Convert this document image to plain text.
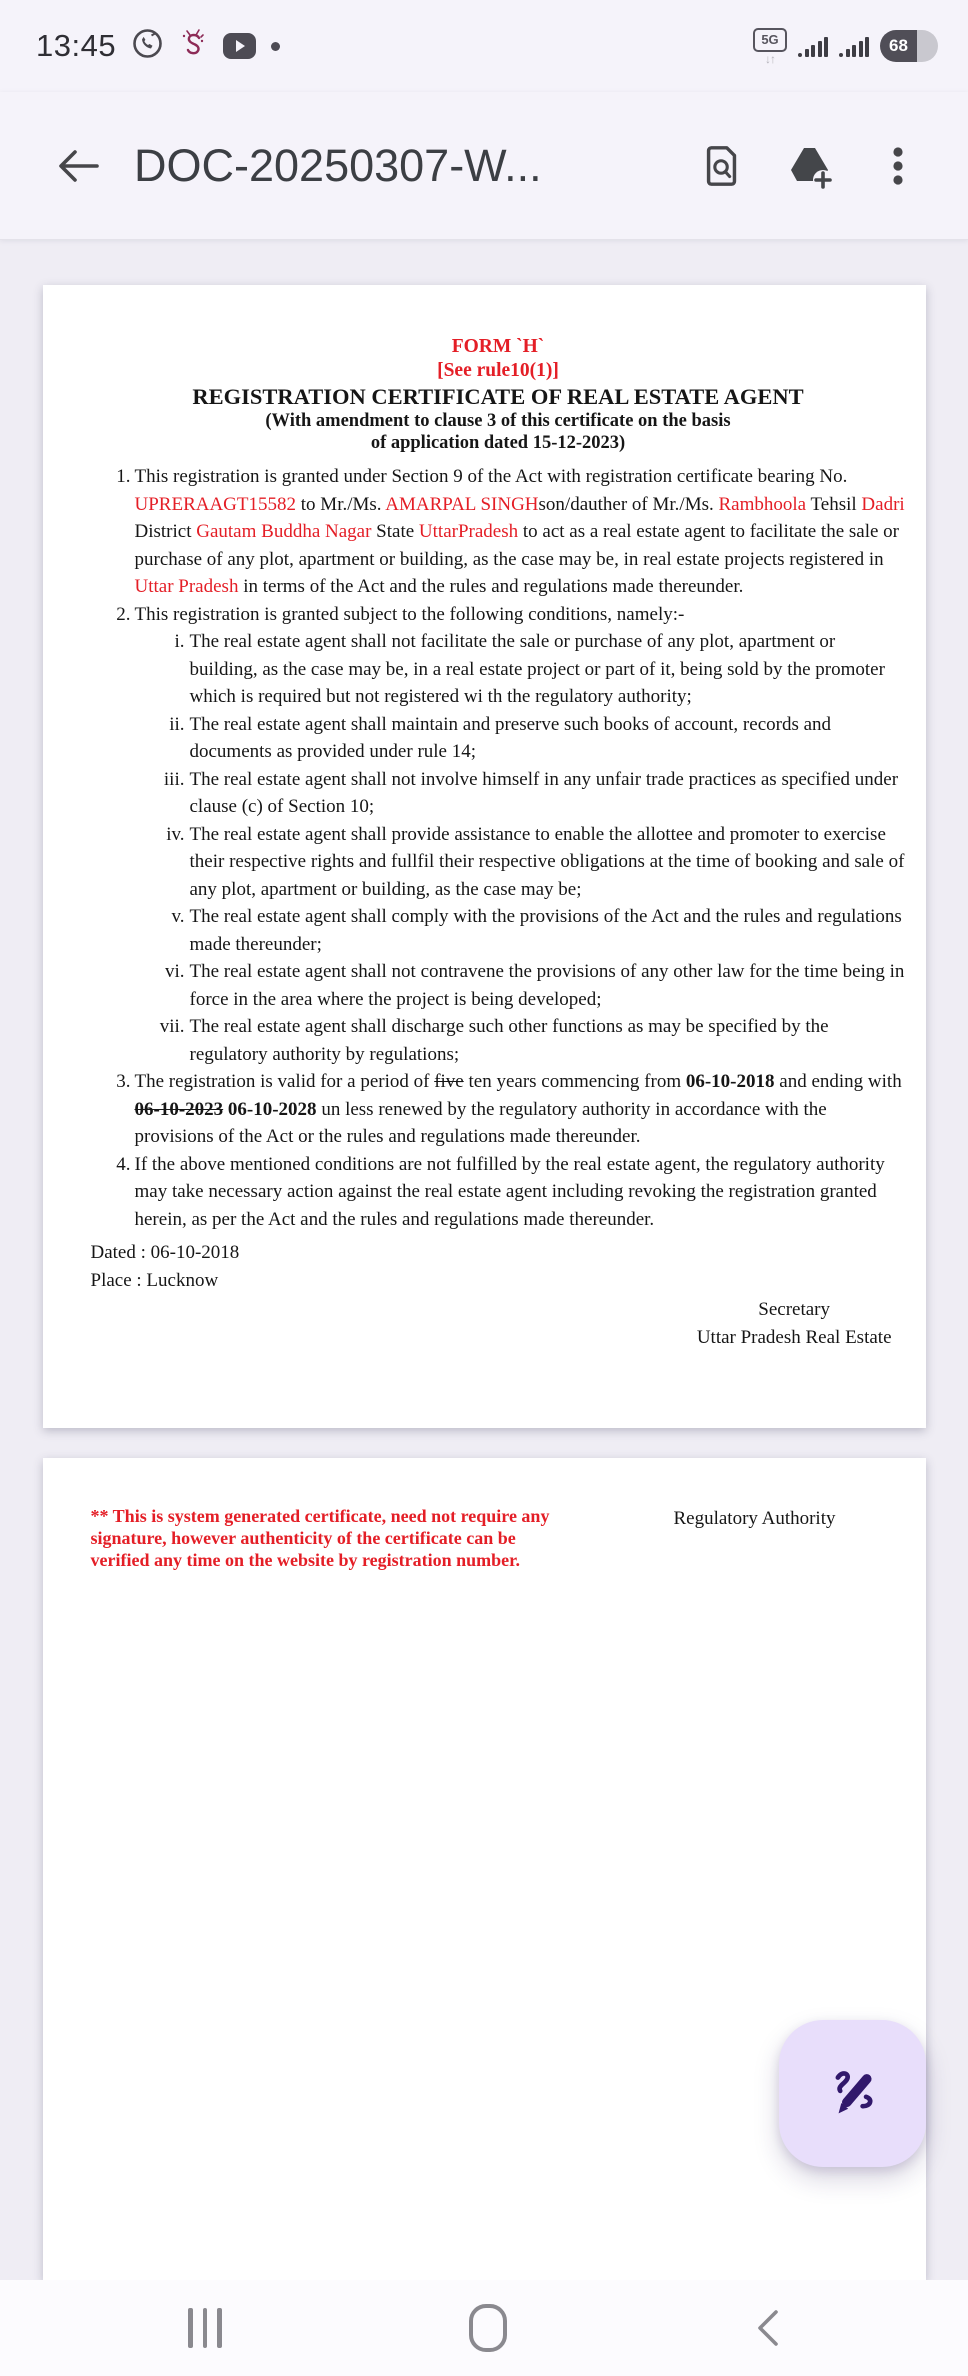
13:45	5G
↓↑
68
DOC-20250307-W...
FORM `H`
[See rule10(1)]
REGISTRATION CERTIFICATE OF REAL ESTATE AGENT
(With amendment to clause 3 of this certificate on the basis
of application dated 15-12-2023)
1. This registration is granted under Section 9 of the Act with registration certificate bearing No. UPRERAAGT15582 to Mr./Ms. AMARPAL SINGHson/dauther of Mr./Ms. Rambhoola Tehsil Dadri District Gautam Buddha Nagar State UttarPradesh to act as a real estate agent to facilitate the sale or purchase of any plot, apartment or building, as the case may be, in real estate projects registered in Uttar Pradesh in terms of the Act and the rules and regulations made thereunder.
2. This registration is granted subject to the following conditions, namely:-
i. The real estate agent shall not facilitate the sale or purchase of any plot, apartment or building, as the case may be, in a real estate project or part of it, being sold by the promoter which is required but not registered wi th the regulatory authority;
ii. The real estate agent shall maintain and preserve such books of account, records and documents as provided under rule 14;
iii. The real estate agent shall not involve himself in any unfair trade practices as specified under clause (c) of Section 10;
iv. The real estate agent shall provide assistance to enable the allottee and promoter to exercise their respective rights and fullfil their respective obligations at the time of booking and sale of any plot, apartment or building, as the case may be;
v. The real estate agent shall comply with the provisions of the Act and the rules and regulations made thereunder;
vi. The real estate agent shall not contravene the provisions of any other law for the time being in force in the area where the project is being developed;
vii. The real estate agent shall discharge such other functions as may be specified by the regulatory authority by regulations;
3. The registration is valid for a period of five ten years commencing from 06-10-2018 and ending with 06-10-2023 06-10-2028 un less renewed by the regulatory authority in accordance with the provisions of the Act or the rules and regulations made thereunder.
4. If the above mentioned conditions are not fulfilled by the real estate agent, the regulatory authority may take necessary action against the real estate agent including revoking the registration granted herein, as per the Act and the rules and regulations made thereunder.
Dated : 06-10-2018
Place : Lucknow
Secretary
Uttar Pradesh Real Estate
** This is system generated certificate, need not require any
signature, however authenticity of the certificate can be
verified any time on the website by registration number.
Regulatory Authority
